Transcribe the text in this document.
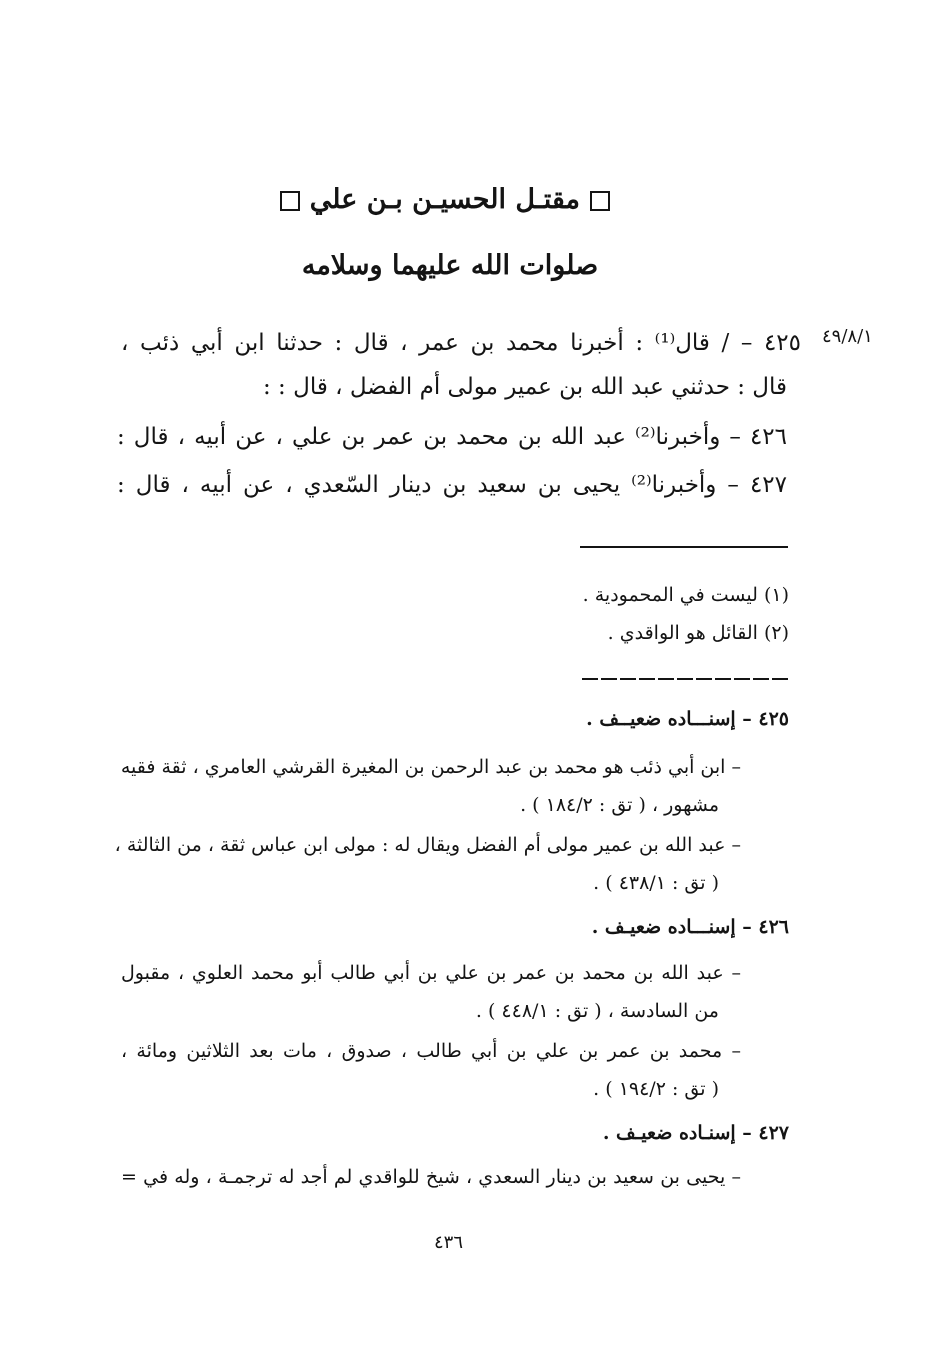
مقتـل الحسيـن بـن علي
صلوات الله عليهما وسلامه
٤٩/٨/١
٤٢٥ – / قال⁽¹⁾ : أخبرنا محمد بن عمر ، قال : حدثنا ابن أبي ذئب ،
قال : حدثني عبد الله بن عمير مولى أم الفضل ، قال : :
٤٢٦ – وأخبرنا⁽²⁾ عبد الله بن محمد بن عمر بن علي ، عن أبيه ، قال :
٤٢٧ – وأخبرنا⁽²⁾ يحيى بن سعيد بن دينار السّعدي ، عن أبيه ، قال :
(١) ليست في المحمودية .
(٢) القائل هو الواقدي .
٤٢٥ – إسنـــاده ضعيــف .
– ابن أبي ذئب هو محمد بن عبد الرحمن بن المغيرة القرشي العامري ، ثقة فقيه
مشهور ، ( تق : ١٨٤/٢ ) .
– عبد الله بن عمير مولى أم الفضل ويقال له : مولى ابن عباس ثقة ، من الثالثة ،
( تق : ٤٣٨/١ ) .
٤٢٦ – إسنـــاده ضعيـف .
– عبد الله بن محمد بن عمر بن علي بن أبي طالب أبو محمد العلوي ، مقبول
من السادسة ، ( تق : ٤٤٨/١ ) .
– محمد بن عمر بن علي بن أبي طالب ، صدوق ، مات بعد الثلاثين ومائة ،
( تق : ١٩٤/٢ ) .
٤٢٧ – إسنـاده ضعيـف .
– يحيى بن سعيد بن دينار السعدي ، شيخ للواقدي لم أجد له ترجمـة ، وله في =
٤٣٦
